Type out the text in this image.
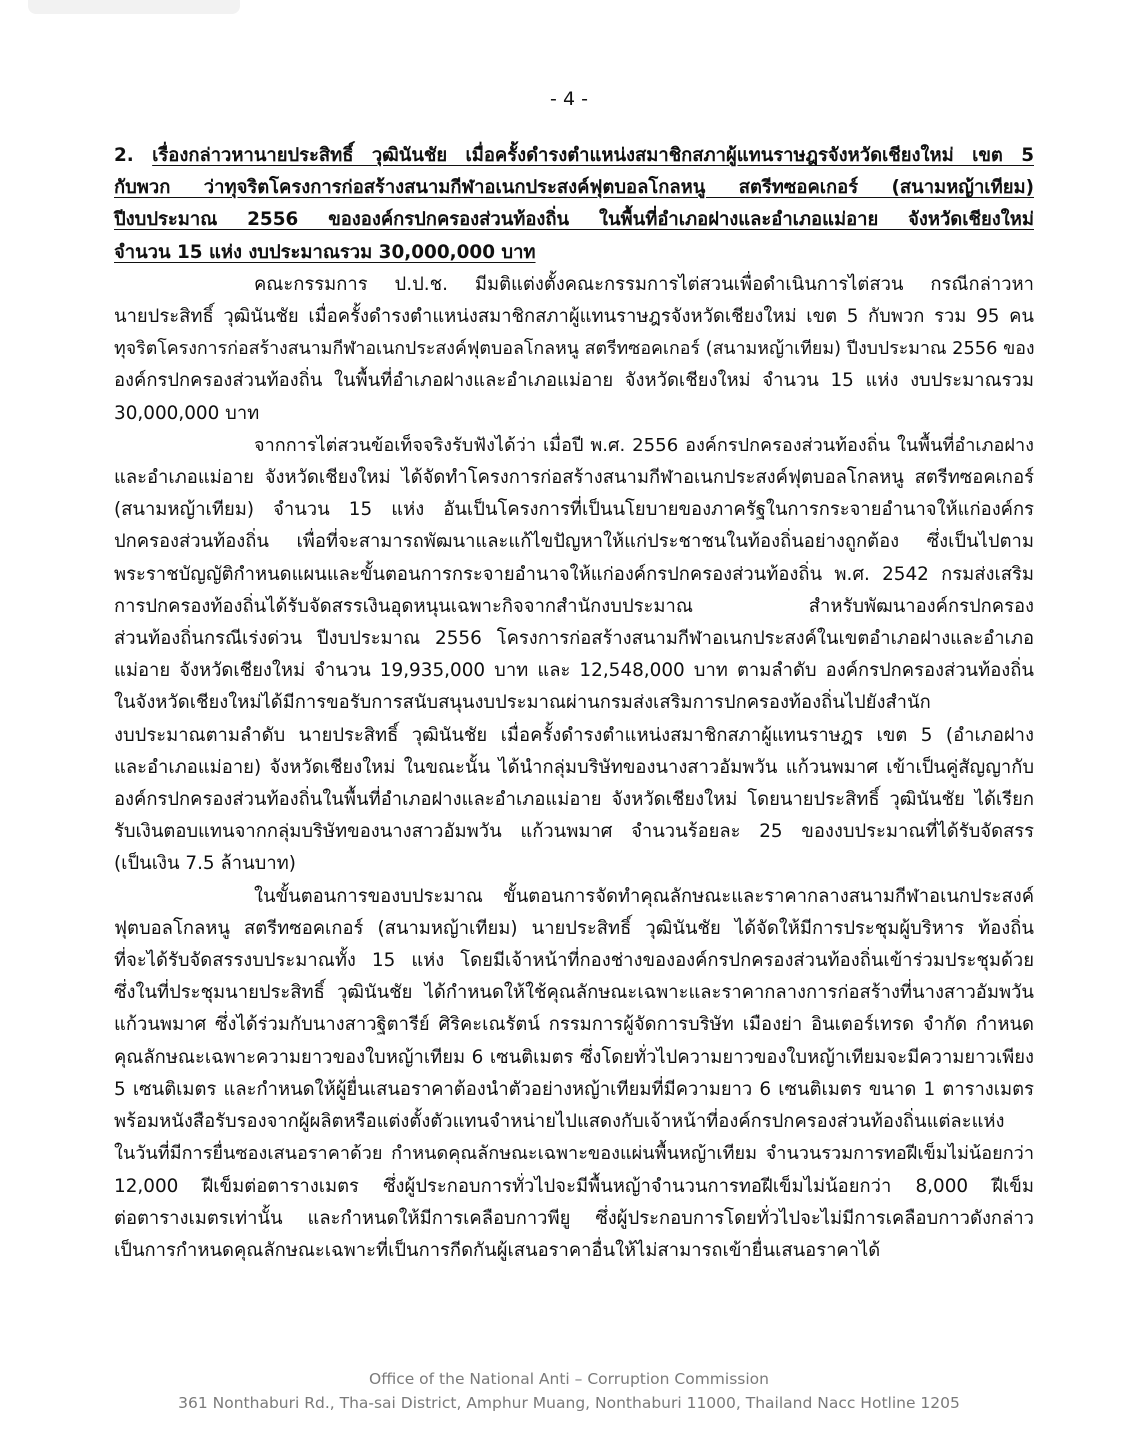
- 4 -
2. เรื่องกล่าวหานายประสิทธิ์ วุฒินันชัย เมื่อครั้งดำรงตำแหน่งสมาชิกสภาผู้แทนราษฎรจังหวัดเชียงใหม่ เขต 5
กับพวก ว่าทุจริตโครงการก่อสร้างสนามกีฬาอเนกประสงค์ฟุตบอลโกลหนู สตรีทซอคเกอร์ (สนามหญ้าเทียม)
ปีงบประมาณ 2556 ขององค์กรปกครองส่วนท้องถิ่น ในพื้นที่อำเภอฝางและอำเภอแม่อาย จังหวัดเชียงใหม่
จำนวน 15 แห่ง งบประมาณรวม 30,000,000 บาท
คณะกรรมการ ป.ป.ช. มีมติแต่งตั้งคณะกรรมการไต่สวนเพื่อดำเนินการไต่สวน กรณีกล่าวหา
นายประสิทธิ์ วุฒินันชัย เมื่อครั้งดำรงตำแหน่งสมาชิกสภาผู้แทนราษฎรจังหวัดเชียงใหม่ เขต 5 กับพวก รวม 95 คน
ทุจริตโครงการก่อสร้างสนามกีฬาอเนกประสงค์ฟุตบอลโกลหนู สตรีทซอคเกอร์ (สนามหญ้าเทียม) ปีงบประมาณ 2556 ของ
องค์กรปกครองส่วนท้องถิ่น ในพื้นที่อำเภอฝางและอำเภอแม่อาย จังหวัดเชียงใหม่ จำนวน 15 แห่ง งบประมาณรวม
30,000,000 บาท
จากการไต่สวนข้อเท็จจริงรับฟังได้ว่า เมื่อปี พ.ศ. 2556 องค์กรปกครองส่วนท้องถิ่น ในพื้นที่อำเภอฝาง
และอำเภอแม่อาย จังหวัดเชียงใหม่ ได้จัดทำโครงการก่อสร้างสนามกีฬาอเนกประสงค์ฟุตบอลโกลหนู สตรีทซอคเกอร์
(สนามหญ้าเทียม) จำนวน 15 แห่ง อันเป็นโครงการที่เป็นนโยบายของภาครัฐในการกระจายอำนาจให้แก่องค์กร
ปกครองส่วนท้องถิ่น เพื่อที่จะสามารถพัฒนาและแก้ไขปัญหาให้แก่ประชาชนในท้องถิ่นอย่างถูกต้อง ซึ่งเป็นไปตาม
พระราชบัญญัติกำหนดแผนและขั้นตอนการกระจายอำนาจให้แก่องค์กรปกครองส่วนท้องถิ่น พ.ศ. 2542 กรมส่งเสริม
การปกครองท้องถิ่นได้รับจัดสรรเงินอุดหนุนเฉพาะกิจจากสำนักงบประมาณ สำหรับพัฒนาองค์กรปกครอง
ส่วนท้องถิ่นกรณีเร่งด่วน ปีงบประมาณ 2556 โครงการก่อสร้างสนามกีฬาอเนกประสงค์ในเขตอำเภอฝางและอำเภอ
แม่อาย จังหวัดเชียงใหม่ จำนวน 19,935,000 บาท และ 12,548,000 บาท ตามลำดับ องค์กรปกครองส่วนท้องถิ่น
ในจังหวัดเชียงใหม่ได้มีการขอรับการสนับสนุนงบประมาณผ่านกรมส่งเสริมการปกครองท้องถิ่นไปยังสำนัก
งบประมาณตามลำดับ นายประสิทธิ์ วุฒินันชัย เมื่อครั้งดำรงตำแหน่งสมาชิกสภาผู้แทนราษฎร เขต 5 (อำเภอฝาง
และอำเภอแม่อาย) จังหวัดเชียงใหม่ ในขณะนั้น ได้นำกลุ่มบริษัทของนางสาวอัมพวัน แก้วนพมาศ เข้าเป็นคู่สัญญากับ
องค์กรปกครองส่วนท้องถิ่นในพื้นที่อำเภอฝางและอำเภอแม่อาย จังหวัดเชียงใหม่ โดยนายประสิทธิ์ วุฒินันชัย ได้เรียก
รับเงินตอบแทนจากกลุ่มบริษัทของนางสาวอัมพวัน แก้วนพมาศ จำนวนร้อยละ 25 ของงบประมาณที่ได้รับจัดสรร
(เป็นเงิน 7.5 ล้านบาท)
ในขั้นตอนการของบประมาณ ขั้นตอนการจัดทำคุณลักษณะและราคากลางสนามกีฬาอเนกประสงค์
ฟุตบอลโกลหนู สตรีทซอคเกอร์ (สนามหญ้าเทียม) นายประสิทธิ์ วุฒินันชัย ได้จัดให้มีการประชุมผู้บริหาร ท้องถิ่น
ที่จะได้รับจัดสรรงบประมาณทั้ง 15 แห่ง โดยมีเจ้าหน้าที่กองช่างขององค์กรปกครองส่วนท้องถิ่นเข้าร่วมประชุมด้วย
ซึ่งในที่ประชุมนายประสิทธิ์ วุฒินันชัย ได้กำหนดให้ใช้คุณลักษณะเฉพาะและราคากลางการก่อสร้างที่นางสาวอัมพวัน
แก้วนพมาศ ซึ่งได้ร่วมกับนางสาวฐิตารีย์ ศิริคะเณรัตน์ กรรมการผู้จัดการบริษัท เมืองย่า อินเตอร์เทรด จำกัด กำหนด
คุณลักษณะเฉพาะความยาวของใบหญ้าเทียม 6 เซนติเมตร ซึ่งโดยทั่วไปความยาวของใบหญ้าเทียมจะมีความยาวเพียง
5 เซนติเมตร และกำหนดให้ผู้ยื่นเสนอราคาต้องนำตัวอย่างหญ้าเทียมที่มีความยาว 6 เซนติเมตร ขนาด 1 ตารางเมตร
พร้อมหนังสือรับรองจากผู้ผลิตหรือแต่งตั้งตัวแทนจำหน่ายไปแสดงกับเจ้าหน้าที่องค์กรปกครองส่วนท้องถิ่นแต่ละแห่ง
ในวันที่มีการยื่นซองเสนอราคาด้วย กำหนดคุณลักษณะเฉพาะของแผ่นพื้นหญ้าเทียม จำนวนรวมการทอฝีเข็มไม่น้อยกว่า
12,000 ฝีเข็มต่อตารางเมตร ซึ่งผู้ประกอบการทั่วไปจะมีพื้นหญ้าจำนวนการทอฝีเข็มไม่น้อยกว่า 8,000 ฝีเข็ม
ต่อตารางเมตรเท่านั้น และกำหนดให้มีการเคลือบกาวพียู ซึ่งผู้ประกอบการโดยทั่วไปจะไม่มีการเคลือบกาวดังกล่าว
เป็นการกำหนดคุณลักษณะเฉพาะที่เป็นการกีดกันผู้เสนอราคาอื่นให้ไม่สามารถเข้ายื่นเสนอราคาได้
Office of the National Anti – Corruption Commission
361 Nonthaburi Rd., Tha-sai District, Amphur Muang, Nonthaburi 11000, Thailand Nacc Hotline 1205
